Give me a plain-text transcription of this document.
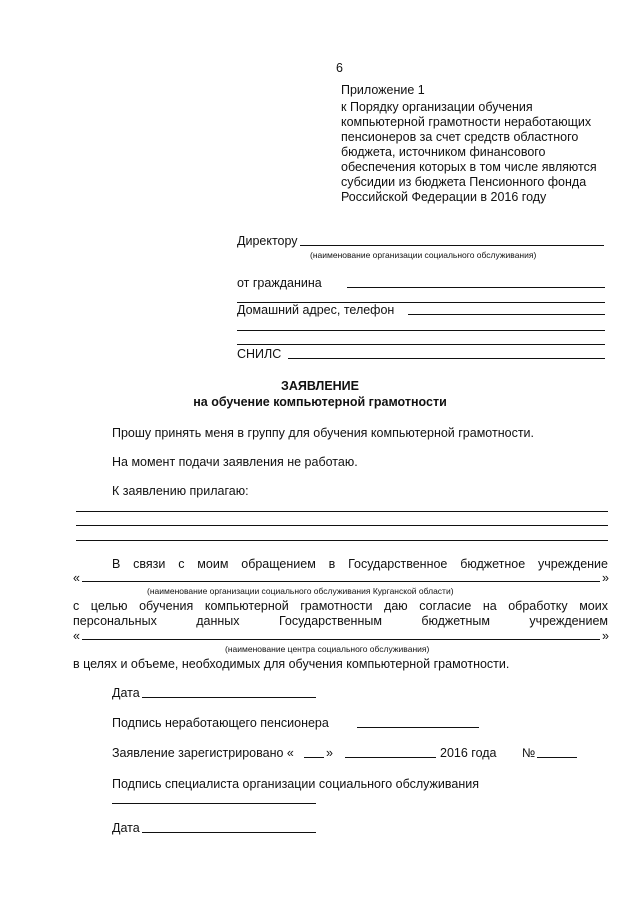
6
Приложение 1
к Порядку организации обучения
компьютерной грамотности неработающих
пенсионеров за счет средств областного
бюджета, источником финансового
обеспечения которых в том числе являются
субсидии из бюджета Пенсионного фонда
Российской Федерации в 2016 году
Директору
(наименование организации социального обслуживания)
от гражданина
Домашний адрес, телефон
СНИЛС
ЗАЯВЛЕНИЕ
на обучение компьютерной грамотности
Прошу принять меня в группу для обучения компьютерной грамотности.
На момент подачи заявления не работаю.
К заявлению прилагаю:
В связи с моим обращением в Государственное бюджетное учреждение
«	»
(наименование организации социального обслуживания Курганской области)
с целью обучения компьютерной грамотности даю согласие на обработку моих
персональных данных Государственным бюджетным учреждением
«	»
(наименование центра социального обслуживания)
в целях и объеме, необходимых для обучения компьютерной грамотности.
Дата
Подпись неработающего пенсионера
Заявление зарегистрировано «	»	2016 года №
Подпись специалиста организации социального обслуживания
Дата
